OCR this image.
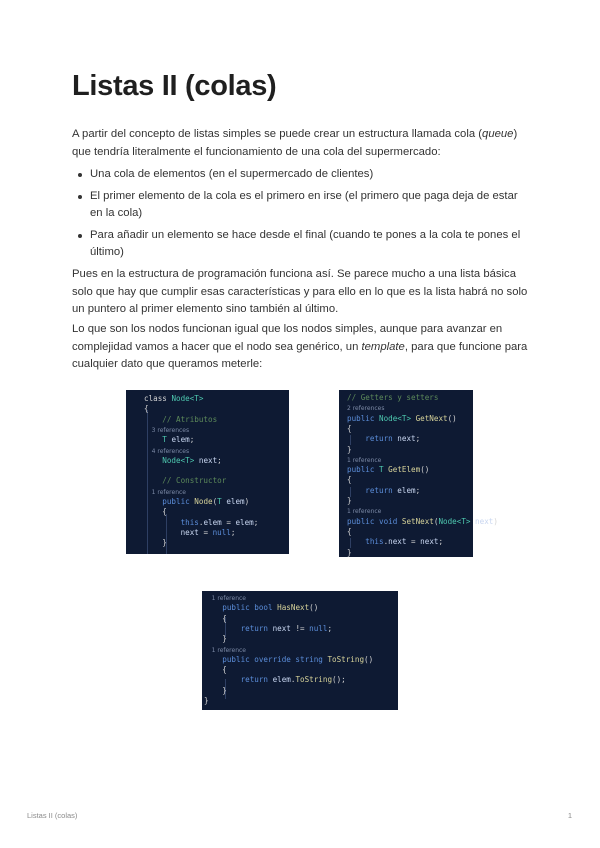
Listas II (colas)

A partir del concepto de listas simples se puede crear un estructura llamada cola (queue) que tendría literalmente el funcionamiento de una cola del supermercado:

Una cola de elementos (en el supermercado de clientes)
El primer elemento de la cola es el primero en irse (el primero que paga deja de estar en la cola)
Para añadir un elemento se hace desde el final (cuando te pones a la cola te pones el último)

Pues en la estructura de programación funciona así. Se parece mucho a una lista básica solo que hay que cumplir esas características y para ello en lo que es la lista habrá no solo un puntero al primer elemento sino también al último.

Lo que son los nodos funcionan igual que los nodos simples, aunque para avanzar en complejidad vamos a hacer que el nodo sea genérico, un template, para que funcione para cualquier dato que queramos meterle:

class Node<T>
{
// Atributos
3 references
T elem;
4 references
Node<T> next;
// Constructor
1 reference
public Node(T elem)
{
this.elem = elem;
next = null;
}
// Getters y setters
2 references
public Node<T> GetNext()
{
return next;
}
1 reference
public T GetElem()
{
return elem;
}
1 reference
public void SetNext(Node<T> next)
{
this.next = next;
}
1 reference
public bool HasNext()
{
return next != null;
}
1 reference
public override string ToString()
{
return elem.ToString();
}
}
Listas II (colas)	1
